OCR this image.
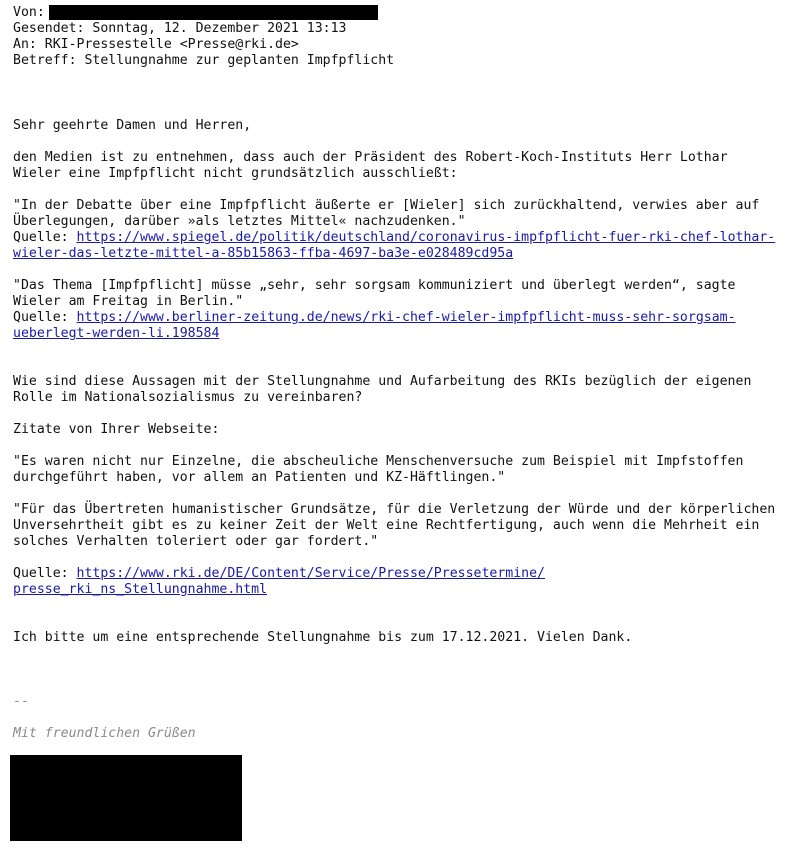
Von:
Gesendet: Sonntag, 12. Dezember 2021 13:13
An: RKI-Pressestelle <Presse@rki.de>
Betreff: Stellungnahme zur geplanten Impfpflicht
Sehr geehrte Damen und Herren,
den Medien ist zu entnehmen, dass auch der Präsident des Robert-Koch-Instituts Herr Lothar
Wieler eine Impfpflicht nicht grundsätzlich ausschließt:
"In der Debatte über eine Impfpflicht äußerte er [Wieler] sich zurückhaltend, verwies aber auf
Überlegungen, darüber »als letztes Mittel« nachzudenken."
Quelle: https://www.spiegel.de/politik/deutschland/coronavirus-impfpflicht-fuer-rki-chef-lothar-
wieler-das-letzte-mittel-a-85b15863-ffba-4697-ba3e-e028489cd95a
"Das Thema [Impfpflicht] müsse „sehr, sehr sorgsam kommuniziert und überlegt werden“, sagte
Wieler am Freitag in Berlin."
Quelle: https://www.berliner-zeitung.de/news/rki-chef-wieler-impfpflicht-muss-sehr-sorgsam-
ueberlegt-werden-li.198584
Wie sind diese Aussagen mit der Stellungnahme und Aufarbeitung des RKIs bezüglich der eigenen
Rolle im Nationalsozialismus zu vereinbaren?
Zitate von Ihrer Webseite:
"Es waren nicht nur Einzelne, die abscheuliche Menschenversuche zum Beispiel mit Impfstoffen
durchgeführt haben, vor allem an Patienten und KZ-Häftlingen."
"Für das Übertreten humanistischer Grundsätze, für die Verletzung der Würde und der körperlichen
Unversehrtheit gibt es zu keiner Zeit der Welt eine Rechtfertigung, auch wenn die Mehrheit ein
solches Verhalten toleriert oder gar fordert."
Quelle: https://www.rki.de/DE/Content/Service/Presse/Pressetermine/
presse_rki_ns_Stellungnahme.html
Ich bitte um eine entsprechende Stellungnahme bis zum 17.12.2021. Vielen Dank.
--
Mit freundlichen Grüßen
